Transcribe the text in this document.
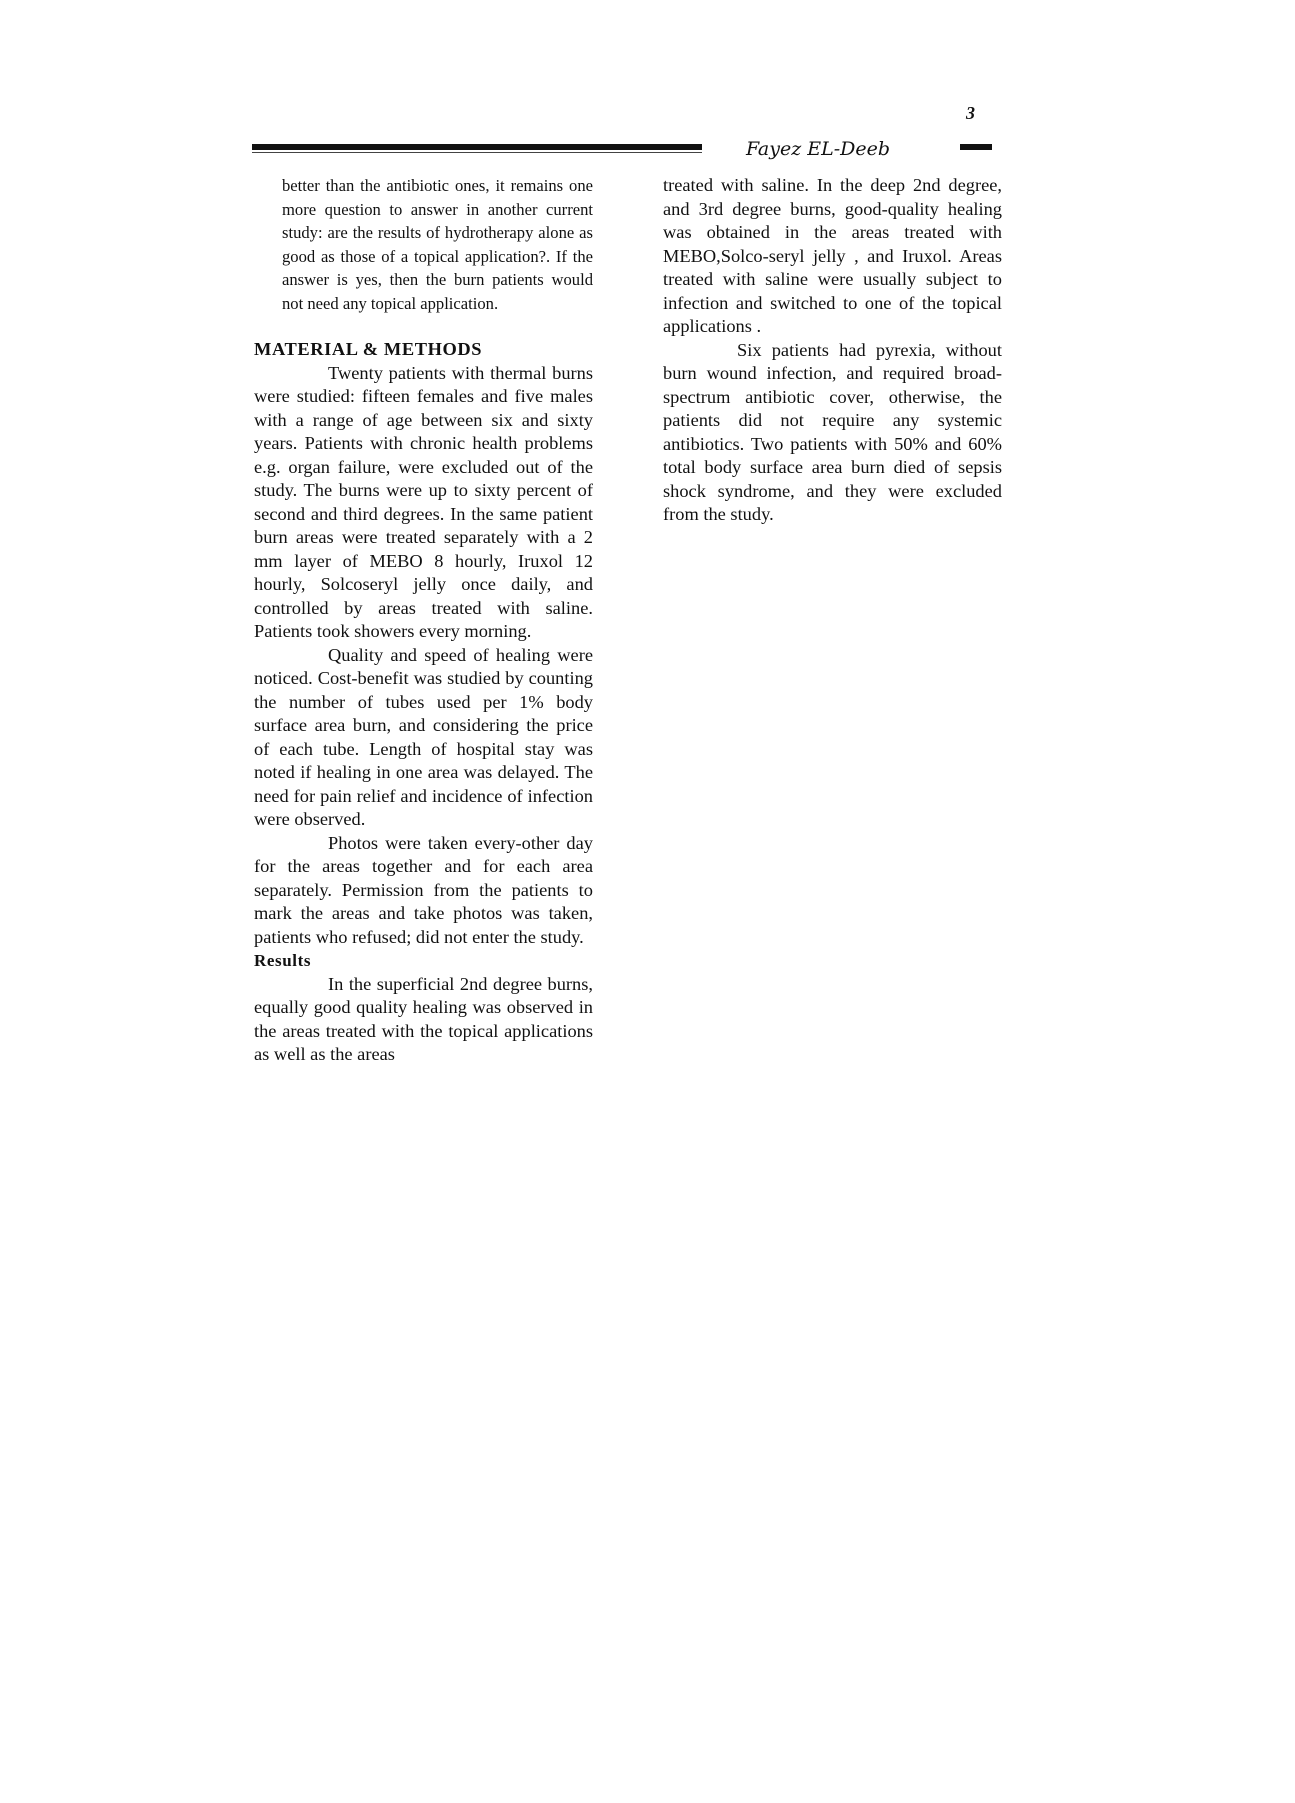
3
Fayez EL-Deeb

better than the antibiotic ones, it remains one more question to answer in another current study: are the results of hydrotherapy alone as good as those of a topical application?. If the answer is yes, then the burn patients would not need any topical application.

MATERIAL & METHODS

Twenty patients with thermal burns were studied: fifteen females and five males with a range of age between six and sixty years. Patients with chronic health problems e.g. organ failure, were excluded out of the study. The burns were up to sixty percent of second and third degrees. In the same patient burn areas were treated separately with a 2 mm layer of MEBO 8 hourly, Iruxol 12 hourly, Solcoseryl jelly once daily, and controlled by areas treated with saline. Patients took showers every morning.

Quality and speed of healing were noticed. Cost-benefit was studied by counting the number of tubes used per 1% body surface area burn, and considering the price of each tube. Length of hospital stay was noted if healing in one area was delayed. The need for pain relief and incidence of infection were observed.

Photos were taken every-other day for the areas together and for each area separately. Permission from the patients to mark the areas and take photos was taken, patients who refused; did not enter the study.

Results

In the superficial 2nd degree burns, equally good quality healing was observed in the areas treated with the topical applications as well as the areas

treated with saline. In the deep 2nd degree, and 3rd degree burns, good-quality healing was obtained in the areas treated with MEBO,Solco-seryl jelly , and Iruxol. Areas treated with saline were usually subject to infection and switched to one of the topical applications .

Six patients had pyrexia, without burn wound infection, and required broad-spectrum antibiotic cover, otherwise, the patients did not require any systemic antibiotics. Two patients with 50% and 60% total body surface area burn died of sepsis shock syndrome, and they were excluded from the study.
